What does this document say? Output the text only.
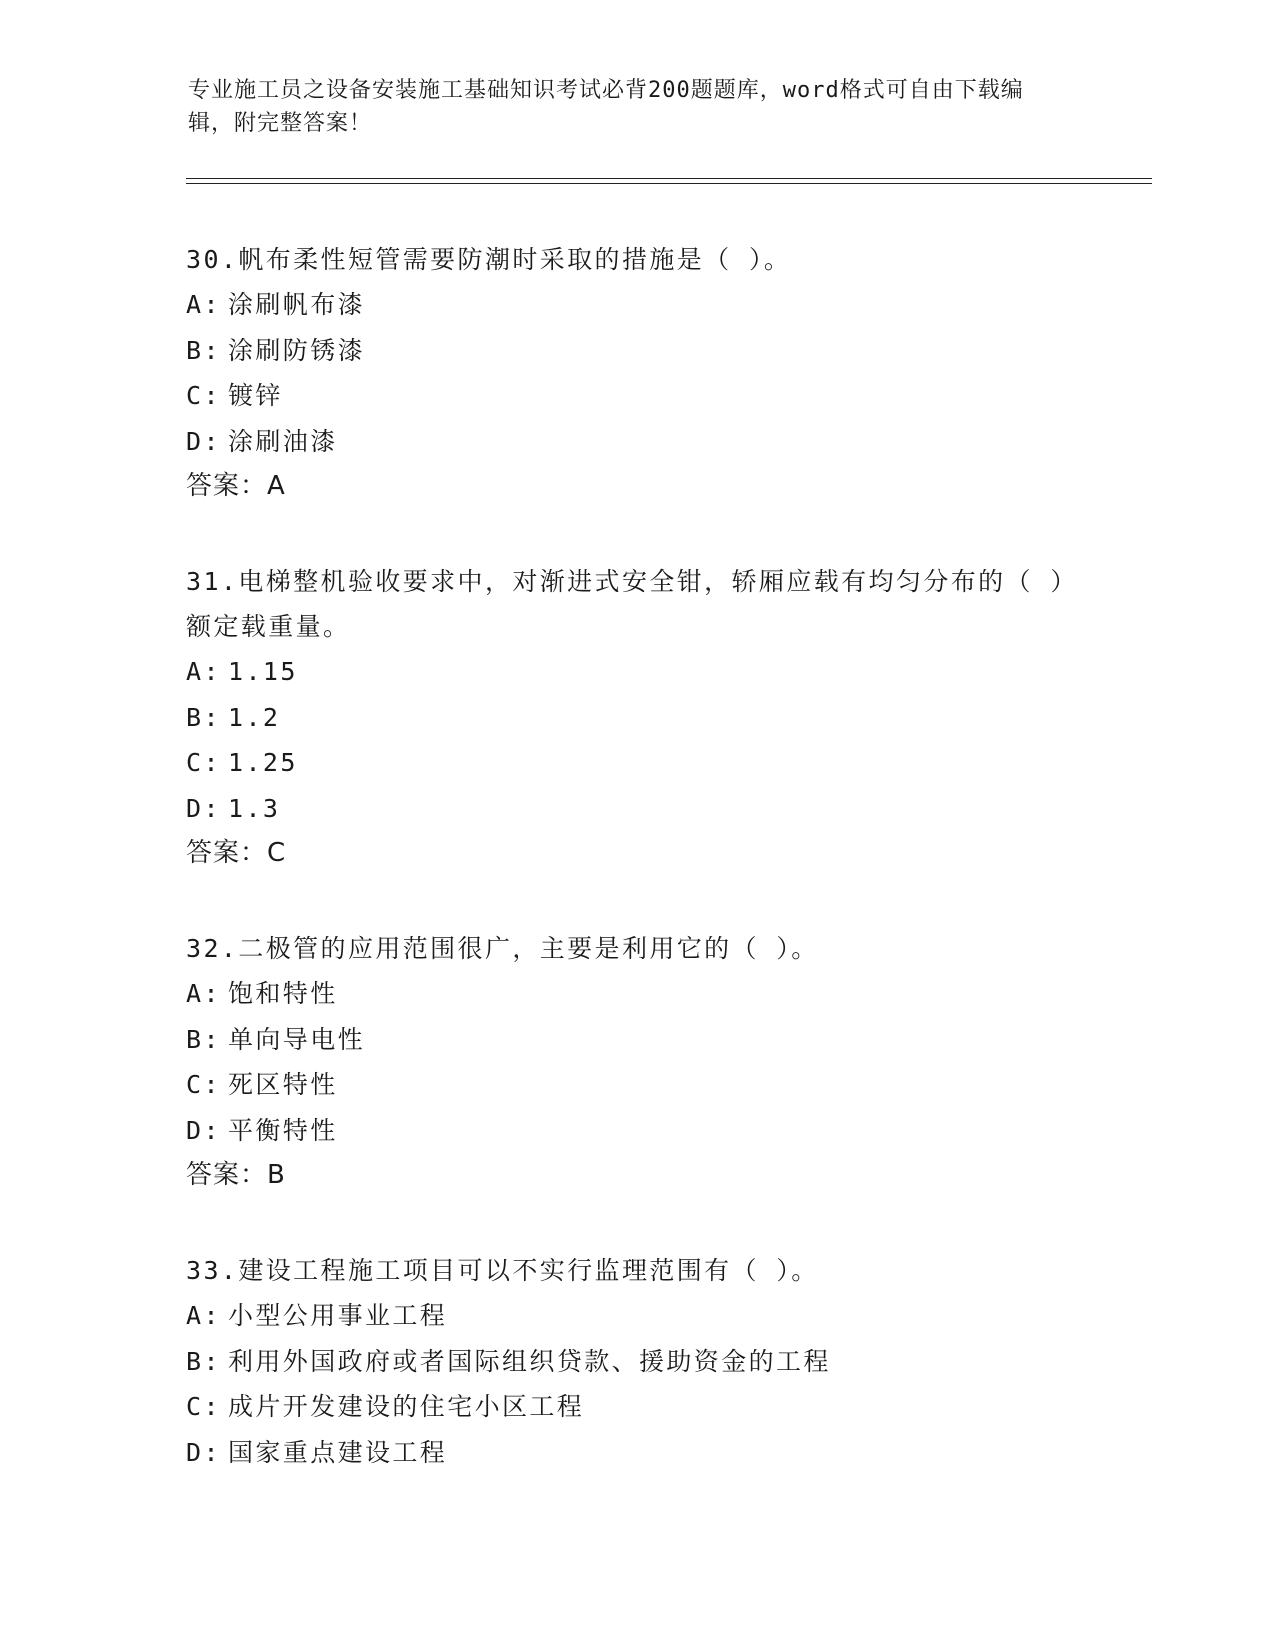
专业施工员之设备安装施工基础知识考试必背200题题库，word格式可自由下载编辑，附完整答案！

30.帆布柔性短管需要防潮时采取的措施是（ ）。

A: 涂刷帆布漆

B: 涂刷防锈漆

C: 镀锌

D: 涂刷油漆

答案：A

31.电梯整机验收要求中，对渐进式安全钳，轿厢应载有均匀分布的（ ）额定载重量。

A: 1.15

B: 1.2

C: 1.25

D: 1.3

答案：C

32.二极管的应用范围很广，主要是利用它的（ ）。

A: 饱和特性

B: 单向导电性

C: 死区特性

D: 平衡特性

答案：B

33.建设工程施工项目可以不实行监理范围有（ ）。

A: 小型公用事业工程

B: 利用外国政府或者国际组织贷款、援助资金的工程

C: 成片开发建设的住宅小区工程

D: 国家重点建设工程
